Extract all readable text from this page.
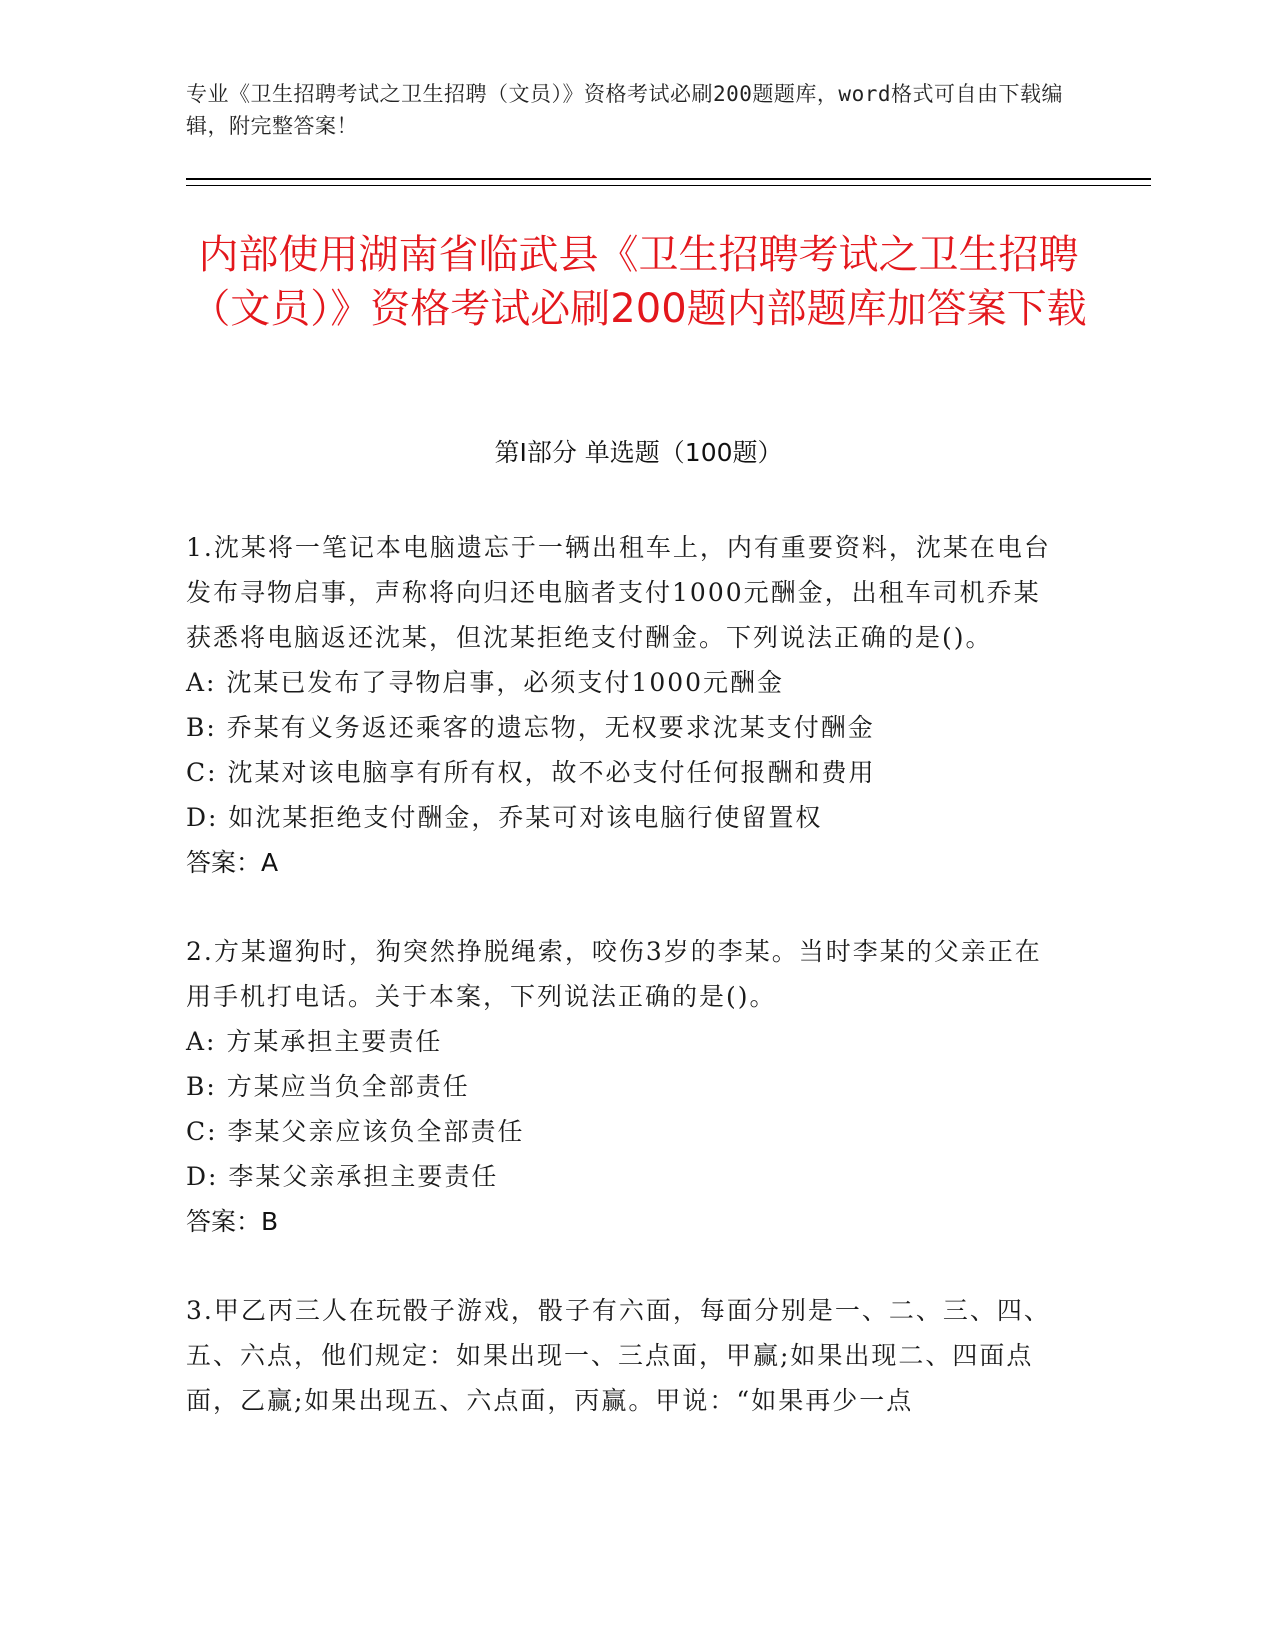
专业《卫生招聘考试之卫生招聘（文员）》资格考试必刷200题题库，word格式可自由下载编辑，附完整答案！
内部使用湖南省临武县《卫生招聘考试之卫生招聘（文员）》资格考试必刷200题内部题库加答案下载
第Ⅰ部分 单选题（100题）
1.沈某将一笔记本电脑遗忘于一辆出租车上，内有重要资料，沈某在电台发布寻物启事，声称将向归还电脑者支付1000元酬金，出租车司机乔某获悉将电脑返还沈某，但沈某拒绝支付酬金。下列说法正确的是()。
A: 沈某已发布了寻物启事，必须支付1000元酬金
B: 乔某有义务返还乘客的遗忘物，无权要求沈某支付酬金
C: 沈某对该电脑享有所有权，故不必支付任何报酬和费用
D: 如沈某拒绝支付酬金，乔某可对该电脑行使留置权
答案：A
2.方某遛狗时，狗突然挣脱绳索，咬伤3岁的李某。当时李某的父亲正在用手机打电话。关于本案，下列说法正确的是()。
A: 方某承担主要责任
B: 方某应当负全部责任
C: 李某父亲应该负全部责任
D: 李某父亲承担主要责任
答案：B
3.甲乙丙三人在玩骰子游戏，骰子有六面，每面分别是一、二、三、四、五、六点，他们规定：如果出现一、三点面，甲赢;如果出现二、四面点面，乙赢;如果出现五、六点面，丙赢。甲说：“如果再少一点
